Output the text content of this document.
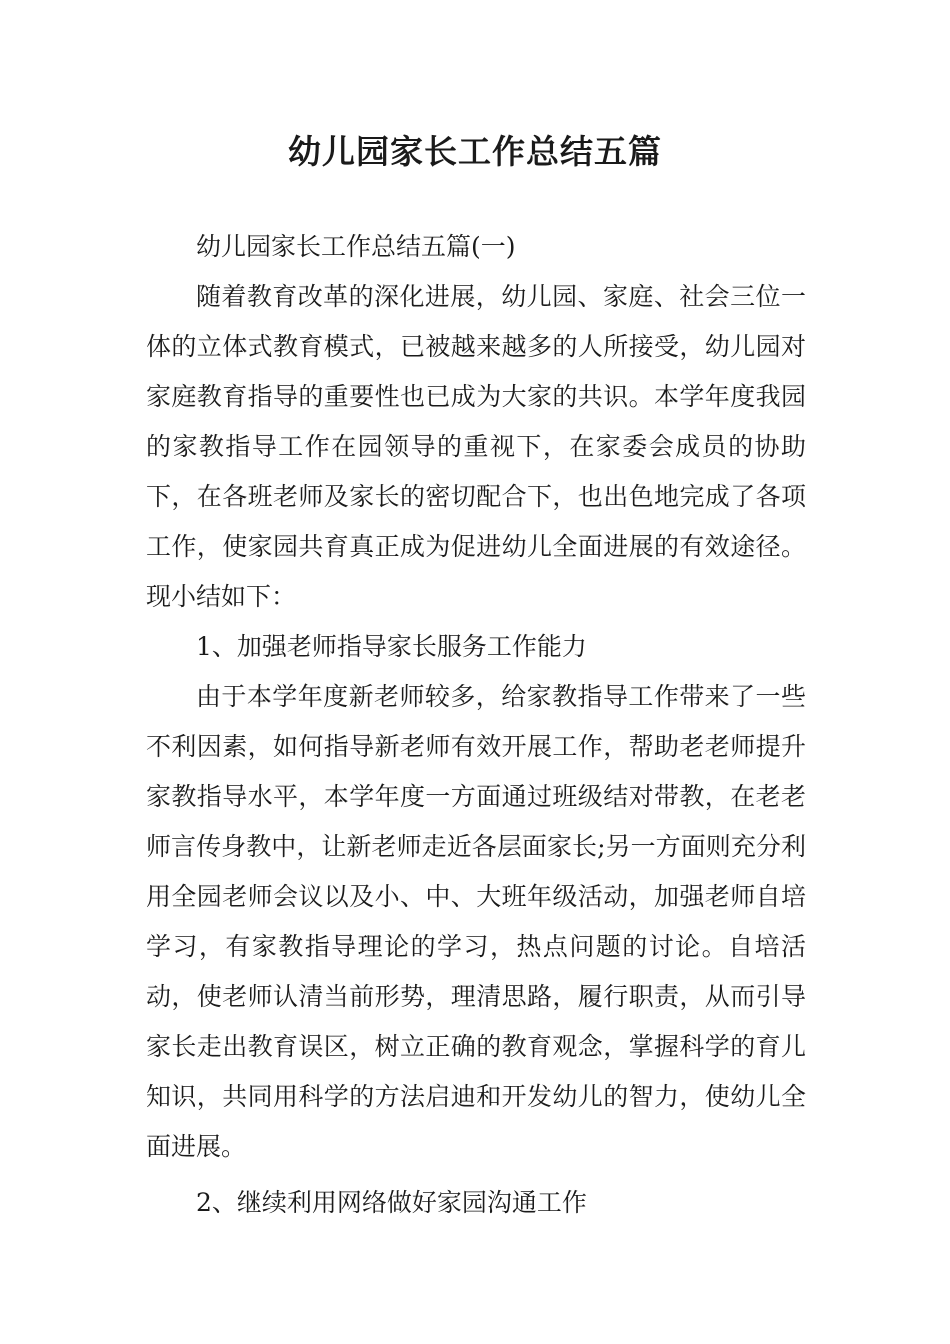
幼儿园家长工作总结五篇

幼儿园家长工作总结五篇(一)

随着教育改革的深化进展，幼儿园、家庭、社会三位一体的立体式教育模式，已被越来越多的人所接受，幼儿园对家庭教育指导的重要性也已成为大家的共识。本学年度我园的家教指导工作在园领导的重视下，在家委会成员的协助下，在各班老师及家长的密切配合下，也出色地完成了各项工作，使家园共育真正成为促进幼儿全面进展的有效途径。现小结如下：

1、加强老师指导家长服务工作能力

由于本学年度新老师较多，给家教指导工作带来了一些不利因素，如何指导新老师有效开展工作，帮助老老师提升家教指导水平，本学年度一方面通过班级结对带教，在老老师言传身教中，让新老师走近各层面家长;另一方面则充分利用全园老师会议以及小、中、大班年级活动，加强老师自培学习，有家教指导理论的学习，热点问题的讨论。自培活动，使老师认清当前形势，理清思路，履行职责，从而引导家长走出教育误区，树立正确的教育观念，掌握科学的育儿知识，共同用科学的方法启迪和开发幼儿的智力，使幼儿全面进展。

2、继续利用网络做好家园沟通工作
